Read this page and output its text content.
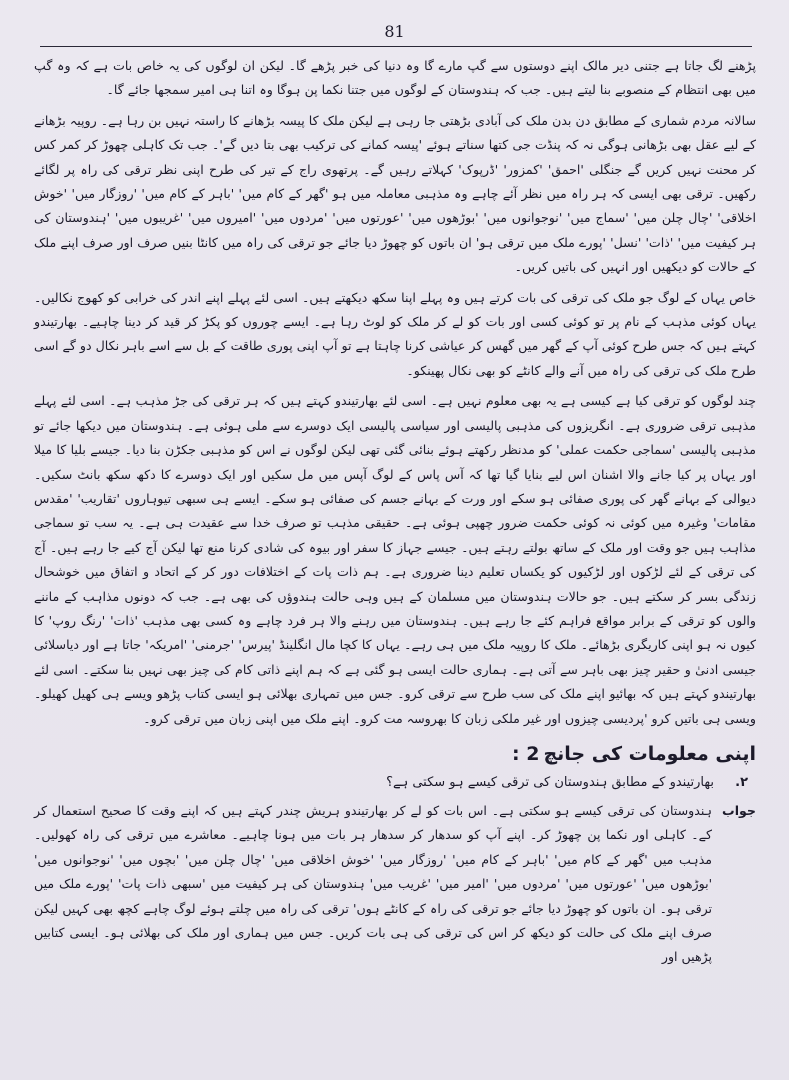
81

پڑھنے لگ جاتا ہے جتنی دیر مالک اپنے دوستوں سے گپ مارے گا وہ دنیا کی خبر پڑھے گا۔ لیکن ان لوگوں کی یہ خاص بات ہے کہ وہ گپ میں بھی انتظام کے منصوبے بنا لیتے ہیں۔ جب کہ ہندوستان کے لوگوں میں جتنا نکما پن ہوگا وہ اتنا ہی امیر سمجھا جائے گا۔

سالانہ مردم شماری کے مطابق دن بدن ملک کی آبادی بڑھتی جا رہی ہے لیکن ملک کا پیسہ بڑھانے کا راستہ نہیں بن رہا ہے۔ روپیہ بڑھانے کے لیے عقل بھی بڑھانی ہوگی نہ کہ پنڈت جی کتھا سناتے ہوئے 'پیسہ کمانے کی ترکیب بھی بتا دیں گے'۔ جب تک کاہلی چھوڑ کر کمر کس کر محنت نہیں کریں گے جنگلی 'احمق' 'کمزور' 'ڈرپوک' کہلاتے رہیں گے۔ پرتھوی راج کے تیر کی طرح اپنی نظر ترقی کی راہ پر لگائے رکھیں۔ ترقی بھی ایسی کہ ہر راہ میں نظر آئے چاہے وہ مذہبی معاملہ میں ہو 'گھر کے کام میں' 'باہر کے کام میں' 'روزگار میں' 'خوش اخلاقی' 'چال چلن میں' 'سماج میں' 'نوجوانوں میں' 'بوڑھوں میں' 'عورتوں میں' 'مردوں میں' 'امیروں میں' 'غریبوں میں' 'ہندوستان کی ہر کیفیت میں' 'ذات' 'نسل' 'پورے ملک میں ترقی ہو' ان باتوں کو چھوڑ دیا جائے جو ترقی کی راہ میں کانٹا بنیں صرف اور صرف اپنے ملک کے حالات کو دیکھیں اور انہیں کی باتیں کریں۔

خاص یہاں کے لوگ جو ملک کی ترقی کی بات کرتے ہیں وہ پہلے اپنا سکھ دیکھتے ہیں۔ اسی لئے پہلے اپنے اندر کی خرابی کو کھوج نکالیں۔ یہاں کوئی مذہب کے نام پر تو کوئی کسی اور بات کو لے کر ملک کو لوٹ رہا ہے۔ ایسے چوروں کو پکڑ کر قید کر دینا چاہیے۔ بھارتیندو کہتے ہیں کہ جس طرح کوئی آپ کے گھر میں گھس کر عیاشی کرنا چاہتا ہے تو آپ اپنی پوری طاقت کے بل سے اسے باہر نکال دو گے اسی طرح ملک کی ترقی کی راہ میں آنے والے کانٹے کو بھی نکال پھینکو۔

چند لوگوں کو ترقی کیا ہے کیسی ہے یہ بھی معلوم نہیں ہے۔ اسی لئے بھارتیندو کہتے ہیں کہ ہر ترقی کی جڑ مذہب ہے۔ اسی لئے پہلے مذہبی ترقی ضروری ہے۔ انگریزوں کی مذہبی پالیسی اور سیاسی پالیسی ایک دوسرے سے ملی ہوئی ہے۔ ہندوستان میں دیکھا جائے تو مذہبی پالیسی 'سماجی حکمت عملی' کو مدنظر رکھتے ہوئے بنائی گئی تھی لیکن لوگوں نے اس کو مذہبی جکڑن بنا دیا۔ جیسے بلیا کا میلا اور یہاں پر کیا جانے والا اشنان اس لیے بنایا گیا تھا کہ آس پاس کے لوگ آپس میں مل سکیں اور ایک دوسرے کا دکھ سکھ بانٹ سکیں۔ دیوالی کے بہانے گھر کی پوری صفائی ہو سکے اور ورت کے بہانے جسم کی صفائی ہو سکے۔ ایسے ہی سبھی تیوہاروں 'تقاریب' 'مقدس مقامات' وغیرہ میں کوئی نہ کوئی حکمت ضرور چھپی ہوئی ہے۔ حقیقی مذہب تو صرف خدا سے عقیدت ہی ہے۔ یہ سب تو سماجی مذاہب ہیں جو وقت اور ملک کے ساتھ بولتے رہتے ہیں۔ جیسے جہاز کا سفر اور بیوہ کی شادی کرنا منع تھا لیکن آج کیے جا رہے ہیں۔ آج کی ترقی کے لئے لڑکوں اور لڑکیوں کو یکساں تعلیم دینا ضروری ہے۔ ہم ذات پات کے اختلافات دور کر کے اتحاد و اتفاق میں خوشحال زندگی بسر کر سکتے ہیں۔ جو حالات ہندوستان میں مسلمان کے ہیں وہی حالت ہندوؤں کی بھی ہے۔ جب کہ دونوں مذاہب کے ماننے والوں کو ترقی کے برابر مواقع فراہم کئے جا رہے ہیں۔ ہندوستان میں رہنے والا ہر فرد چاہے وہ کسی بھی مذہب 'ذات' 'رنگ روپ' کا کیوں نہ ہو اپنی کاریگری بڑھائے۔ ملک کا روپیہ ملک میں ہی رہے۔ یہاں کا کچا مال انگلینڈ 'پیرس' 'جرمنی' 'امریکہ' جاتا ہے اور دیاسلائی جیسی ادنیٰ و حقیر چیز بھی باہر سے آتی ہے۔ ہماری حالت ایسی ہو گئی ہے کہ ہم اپنے ذاتی کام کی چیز بھی نہیں بنا سکتے۔ اسی لئے بھارتیندو کہتے ہیں کہ بھائیو اپنے ملک کی سب طرح سے ترقی کرو۔ جس میں تمہاری بھلائی ہو ایسی کتاب پڑھو ویسے ہی کھیل کھیلو۔ ویسی ہی باتیں کرو 'پردیسی چیزوں اور غیر ملکی زبان کا بھروسہ مت کرو۔ اپنے ملک میں اپنی زبان میں ترقی کرو۔

اپنی معلومات کی جانچ
2 :
۲.
بھارتیندو کے مطابق ہندوستان کی ترقی کیسے ہو سکتی ہے؟
جواب
ہندوستان کی ترقی کیسے ہو سکتی ہے۔ اس بات کو لے کر بھارتیندو ہریش چندر کہتے ہیں کہ اپنے وقت کا صحیح استعمال کر کے۔ کاہلی اور نکما پن چھوڑ کر۔ اپنے آپ کو سدھار کر سدھار ہر بات میں ہونا چاہیے۔ معاشرے میں ترقی کی راہ کھولیں۔ مذہب میں 'گھر کے کام میں' 'باہر کے کام میں' 'روزگار میں' 'خوش اخلاقی میں' 'چال چلن میں' 'بچوں میں' 'نوجوانوں میں' 'بوڑھوں میں' 'عورتوں میں' 'مردوں میں' 'امیر میں' 'غریب میں' ہندوستان کی ہر کیفیت میں 'سبھی ذات پات' 'پورے ملک میں ترقی ہو۔ ان باتوں کو چھوڑ دیا جائے جو ترقی کی راہ کے کانٹے ہوں' ترقی کی راہ میں چلتے ہوئے لوگ چاہے کچھ بھی کہیں لیکن صرف اپنے ملک کی حالت کو دیکھ کر اس کی ترقی کی ہی بات کریں۔ جس میں ہماری اور ملک کی بھلائی ہو۔ ایسی کتابیں پڑھیں اور
